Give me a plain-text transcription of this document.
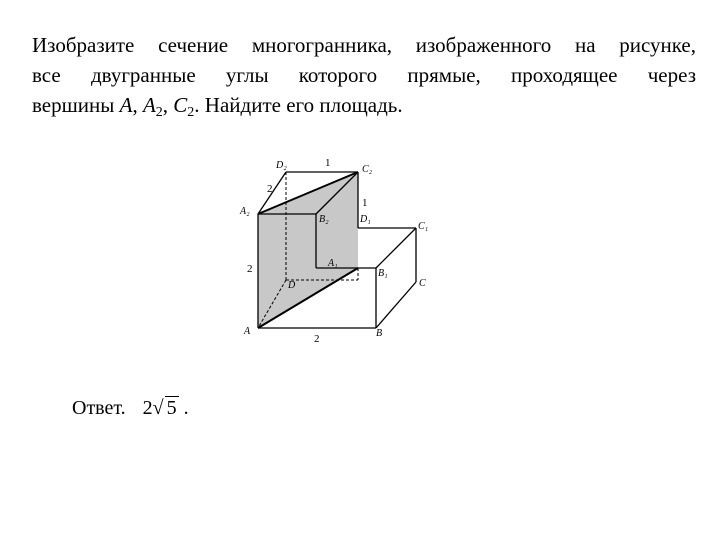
Изобразите сечение многогранника, изображенного на рисунке,
все двугранные углы которого прямые, проходящее через
вершины A, $A_2$, $C_2$. Найдите его площадь.
D₂	C₂
A₂
B₂	D₁
C₁
A₁
B₁
D	C
A	B
1
2
1
2
2
Ответ. 2√ 5 .
